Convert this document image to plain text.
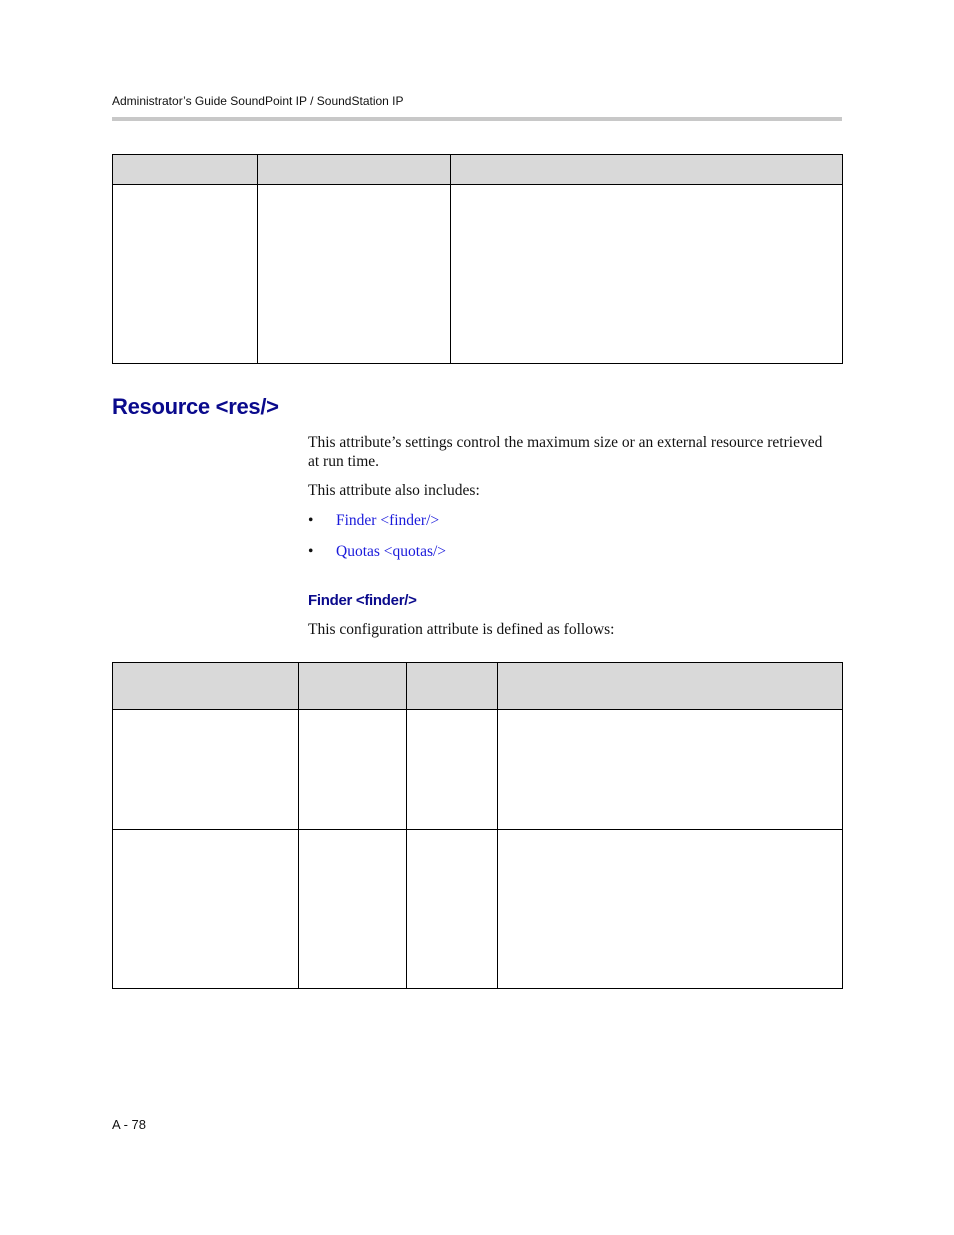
Administrator’s Guide SoundPoint IP / SoundStation IP

Resource <res/>

This attribute’s settings control the maximum size or an external resource retrieved at run time.

This attribute also includes:

• Finder <finder/>

• Quotas <quotas/>

Finder <finder/>

This configuration attribute is defined as follows:

A - 78
